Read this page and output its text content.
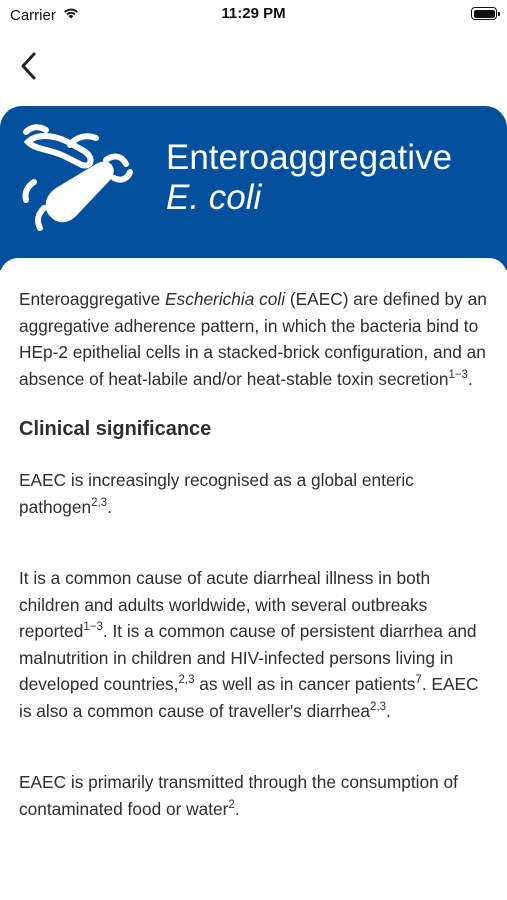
Carrier	11:29 PM
Enteroaggregative
E. coli

Enteroaggregative Escherichia coli (EAEC) are defined by an aggregative adherence pattern, in which the bacteria bind to HEp-2 epithelial cells in a stacked-brick configuration, and an absence of heat-labile and/or heat-stable toxin secretion$^{1-3}$.

Clinical significance

EAEC is increasingly recognised as a global enteric pathogen$^{2,3}$.

It is a common cause of acute diarrheal illness in both children and adults worldwide, with several outbreaks reported$^{1-3}$. It is a common cause of persistent diarrhea and malnutrition in children and HIV-infected persons living in developed countries,$^{2,3}$ as well as in cancer patients$^7$. EAEC is also a common cause of traveller's diarrhea$^{2,3}$.

EAEC is primarily transmitted through the consumption of contaminated food or water$^2$.
